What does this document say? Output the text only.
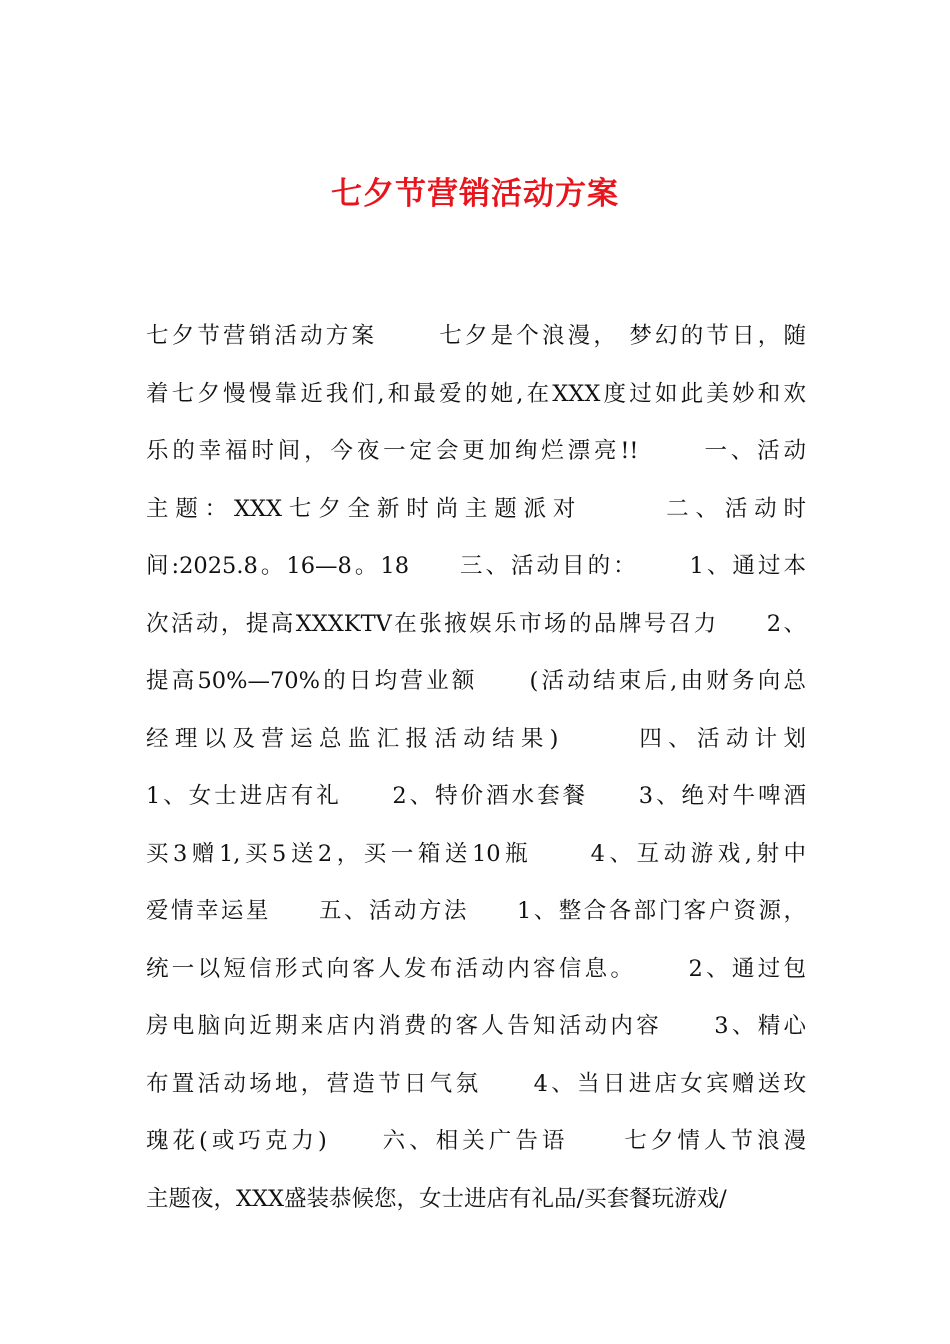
七夕节营销活动方案
七夕节营销活动方案      七夕是个浪漫， 梦幻的节日，随
着七夕慢慢靠近我们,和最爱的她,在XXX度过如此美妙和欢
乐的幸福时间，今夜一定会更加绚烂漂亮!!      一、活动
主题：XXX七夕全新时尚主题派对      二、活动时
间:2025.8。16—8。18     三、活动目的：     1、通过本
次活动，提高XXXKTV在张掖娱乐市场的品牌号召力     2、
提高50%—70%的日均营业额     (活动结束后,由财务向总
经理以及营运总监汇报活动结果)      四、活动计划
1、女士进店有礼     2、特价酒水套餐     3、绝对牛啤酒
买3赠1,买5送2，买一箱送10瓶     4、互动游戏,射中
爱情幸运星     五、活动方法     1、整合各部门客户资源，
统一以短信形式向客人发布活动内容信息。     2、通过包
房电脑向近期来店内消费的客人告知活动内容     3、精心
布置活动场地，营造节日气氛     4、当日进店女宾赠送玫
瑰花(或巧克力)     六、相关广告语     七夕情人节浪漫
主题夜，XXX盛装恭候您，女士进店有礼品/买套餐玩游戏/
